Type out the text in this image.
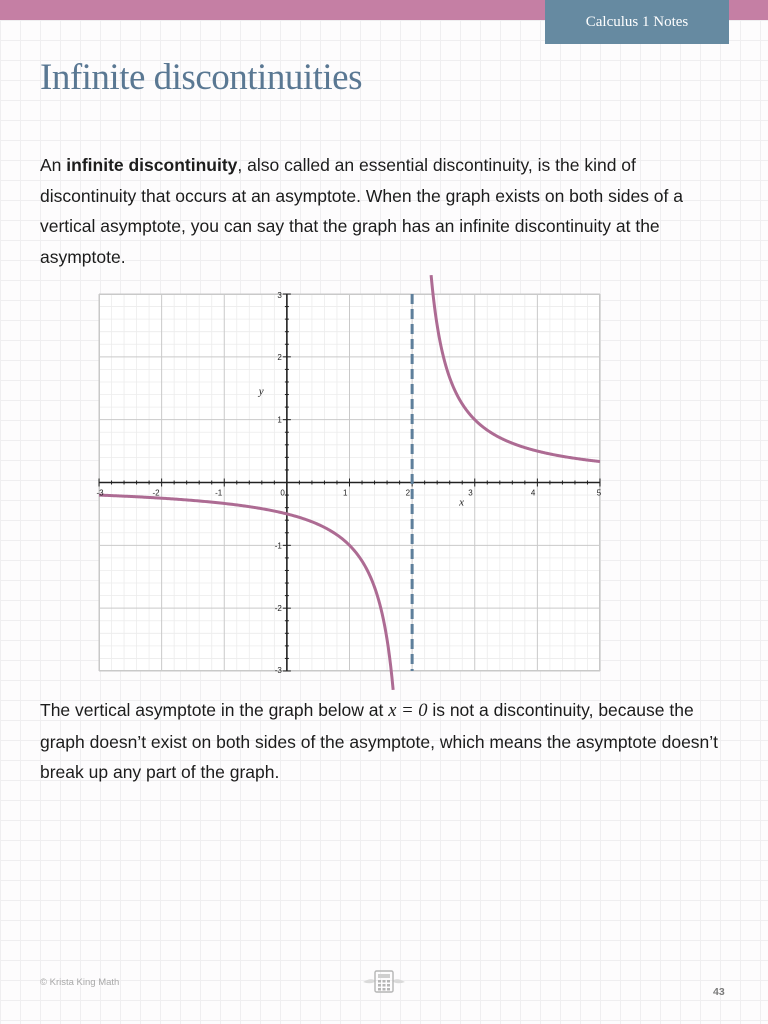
Calculus 1 Notes
Infinite discontinuities

An infinite discontinuity, also called an essential discontinuity, is the kind of discontinuity that occurs at an asymptote. When the graph exists on both sides of a vertical asymptote, you can say that the graph has an infinite discontinuity at the asymptote.

-3	-2	-1	0	1	2	3	4	5
-3
-2
-1
1
2
3
x
y

The vertical asymptote in the graph below at x = 0 is not a discontinuity, because the graph doesn’t exist on both sides of the asymptote, which means the asymptote doesn’t break up any part of the graph.

© Krista King Math
43
